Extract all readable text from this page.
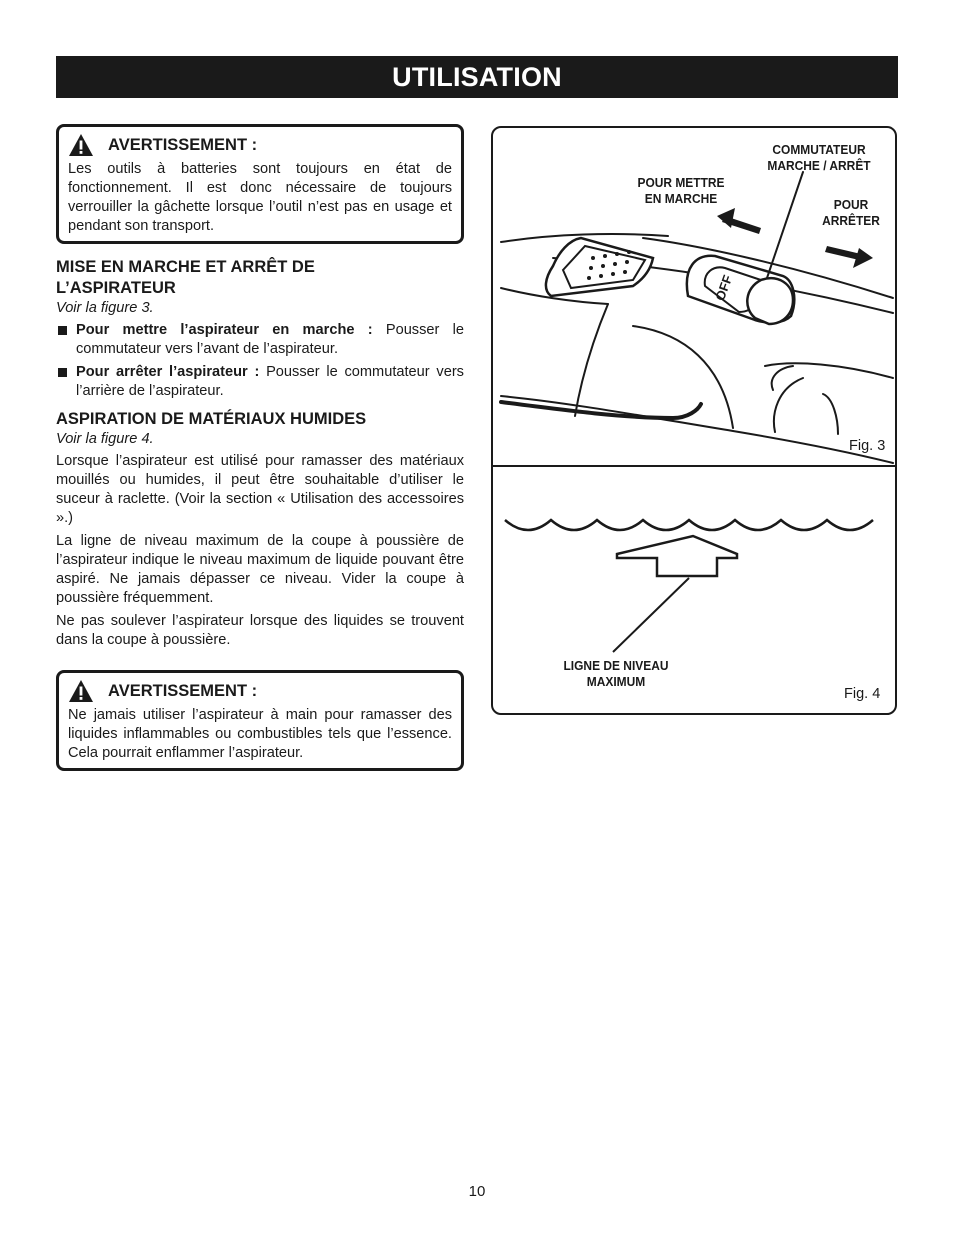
UTILISATION
AVERTISSEMENT :
Les outils à batteries sont toujours en état de fonctionnement. Il est donc nécessaire de toujours verrouiller la gâchette lorsque l’outil n’est pas en usage et pendant son transport.
MISE EN MARCHE ET ARRÊT DE
L’ASPIRATEUR
Voir la figure 3.
Pour mettre l’aspirateur en marche : Pousser le commutateur vers l’avant de l’aspirateur.
Pour arrêter l’aspirateur : Pousser le commutateur vers l’arrière de l’aspirateur.
ASPIRATION DE MATÉRIAUX HUMIDES
Voir la figure 4.

Lorsque l’aspirateur est utilisé pour ramasser des matériaux mouillés ou humides, il peut être souhaitable d’utiliser le suceur à raclette. (Voir la section « Utilisation des accessoires ».)

La ligne de niveau maximum de la coupe à poussière de l’aspirateur indique le niveau maximum de liquide pouvant être aspiré. Ne jamais dépasser ce niveau. Vider la coupe à poussière fréquemment.

Ne pas soulever l’aspirateur lorsque des liquides se trouvent dans la coupe à poussière.

AVERTISSEMENT :
Ne jamais utiliser l’aspirateur à main pour ramasser des liquides inflammables ou combustibles tels que l’essence. Cela pourrait enflammer l’aspirateur.
OFF
COMMUTATEUR
MARCHE / ARRÊT
POUR METTRE
EN MARCHE	POUR
ARRÊTER
Fig. 3
LIGNE DE NIVEAU
MAXIMUM
Fig. 4
10
